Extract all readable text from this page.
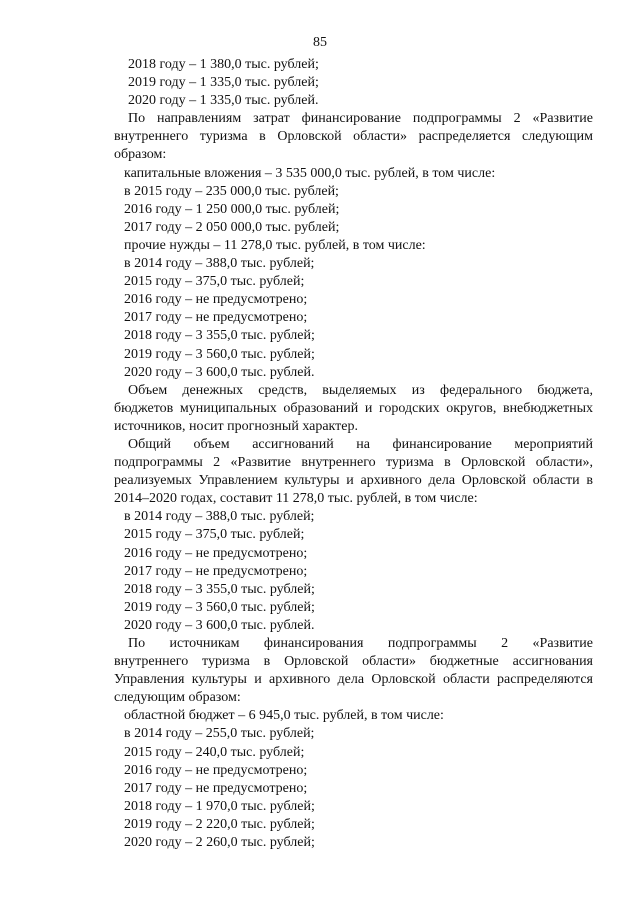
85
2018 году – 1 380,0 тыс. рублей;
2019 году – 1 335,0 тыс. рублей;
2020 году – 1 335,0 тыс. рублей.

По направлениям затрат финансирование подпрограммы 2 «Развитие

внутреннего туризма в Орловской области» распределяется следующим

образом:

капитальные вложения – 3 535 000,0 тыс. рублей, в том числе:
в 2015 году – 235 000,0 тыс. рублей;
2016 году – 1 250 000,0 тыс. рублей;
2017 году – 2 050 000,0 тыс. рублей;
прочие нужды – 11 278,0 тыс. рублей, в том числе:
в 2014 году – 388,0 тыс. рублей;
2015 году – 375,0 тыс. рублей;
2016 году – не предусмотрено;
2017 году – не предусмотрено;
2018 году – 3 355,0 тыс. рублей;
2019 году – 3 560,0 тыс. рублей;
2020 году – 3 600,0 тыс. рублей.

Объем денежных средств, выделяемых из федерального бюджета,

бюджетов муниципальных образований и городских округов, внебюджетных

источников, носит прогнозный характер.

Общий объем ассигнований на финансирование мероприятий

подпрограммы 2 «Развитие внутреннего туризма в Орловской области»,

реализуемых Управлением культуры и архивного дела Орловской области в

2014–2020 годах, составит 11 278,0 тыс. рублей, в том числе:

в 2014 году – 388,0 тыс. рублей;
2015 году – 375,0 тыс. рублей;
2016 году – не предусмотрено;
2017 году – не предусмотрено;
2018 году – 3 355,0 тыс. рублей;
2019 году – 3 560,0 тыс. рублей;
2020 году – 3 600,0 тыс. рублей.

По источникам финансирования подпрограммы 2 «Развитие

внутреннего туризма в Орловской области» бюджетные ассигнования

Управления культуры и архивного дела Орловской области распределяются

следующим образом:

областной бюджет – 6 945,0 тыс. рублей, в том числе:
в 2014 году – 255,0 тыс. рублей;
2015 году – 240,0 тыс. рублей;
2016 году – не предусмотрено;
2017 году – не предусмотрено;
2018 году – 1 970,0 тыс. рублей;
2019 году – 2 220,0 тыс. рублей;
2020 году – 2 260,0 тыс. рублей;
